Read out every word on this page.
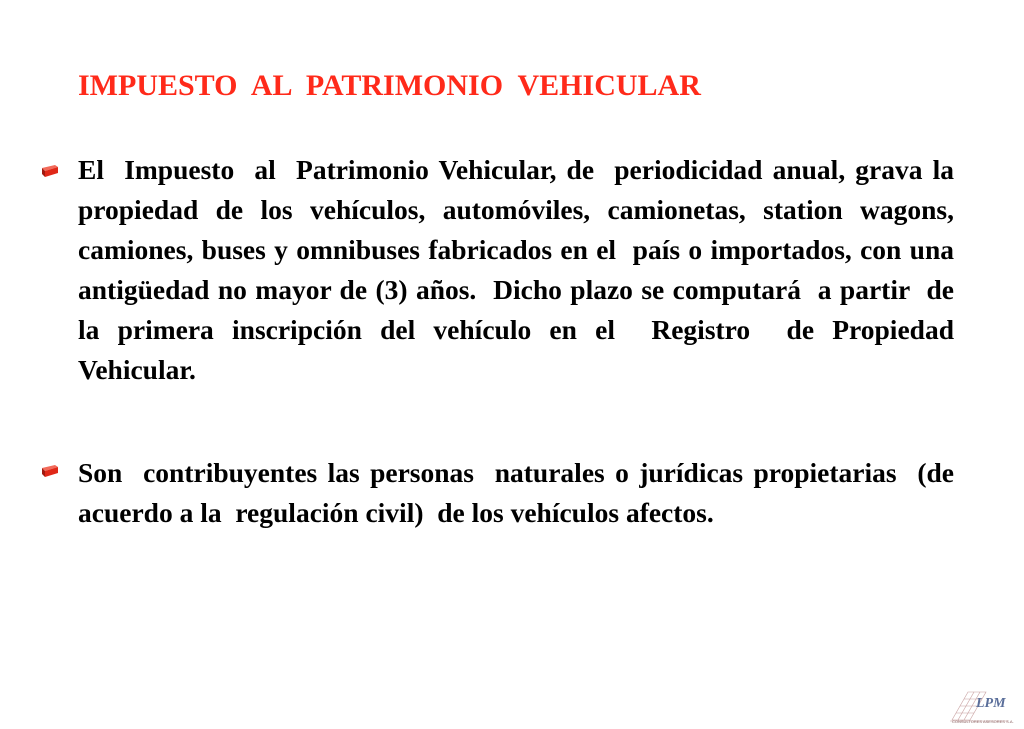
IMPUESTO  AL  PATRIMONIO  VEHICULAR

El  Impuesto  al  Patrimonio Vehicular, de  periodicidad anual, grava la propiedad de los vehículos, automóviles, camionetas, station wagons, camiones, buses y omnibuses fabricados en el  país o importados, con una antigüedad no mayor de (3) años.  Dicho plazo se computará  a partir  de la primera inscripción del vehículo en el  Registro  de Propiedad  Vehicular.

Son  contribuyentes las personas  naturales o jurídicas propietarias  (de acuerdo a la  regulación civil)  de los vehículos afectos.

LPM
CONSULTORES ASESORES S.A.
